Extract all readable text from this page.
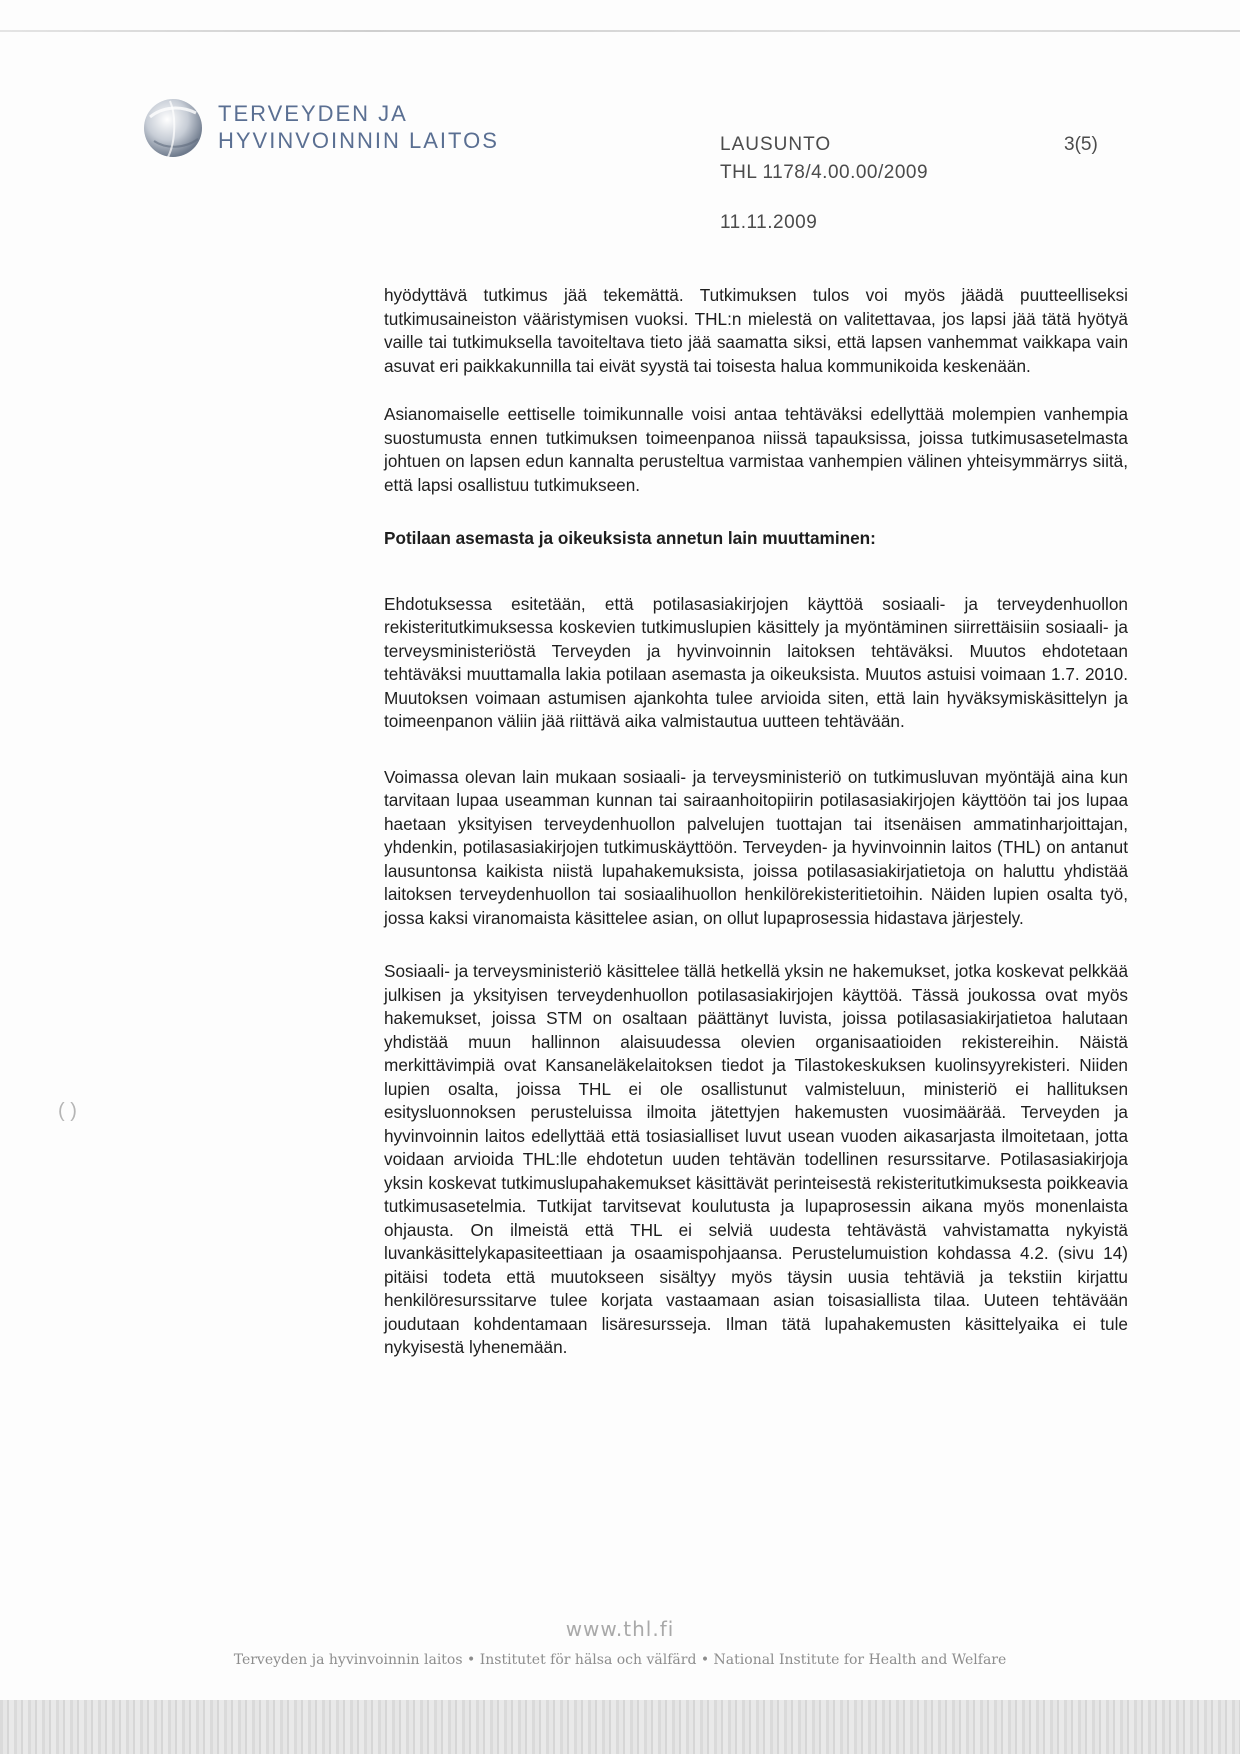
TERVEYDEN JA
HYVINVOINNIN LAITOS	LAUSUNTO	3(5)
THL 1178/4.00.00/2009
11.11.2009

hyödyttävä tutkimus jää tekemättä. Tutkimuksen tulos voi myös jäädä puutteelliseksi tutkimusaineiston vääristymisen vuoksi. THL:n mielestä on valitettavaa, jos lapsi jää tätä hyötyä vaille tai tutkimuksella tavoiteltava tieto jää saamatta siksi, että lapsen vanhemmat vaikkapa vain asuvat eri paikkakunnilla tai eivät syystä tai toisesta halua kommunikoida keskenään.

Asianomaiselle eettiselle toimikunnalle voisi antaa tehtäväksi edellyttää molempien vanhempia suostumusta ennen tutkimuksen toimeenpanoa niissä tapauksissa, joissa tutkimusasetelmasta johtuen on lapsen edun kannalta perusteltua varmistaa vanhempien välinen yhteisymmärrys siitä, että lapsi osallistuu tutkimukseen.

Potilaan asemasta ja oikeuksista annetun lain muuttaminen:

Ehdotuksessa esitetään, että potilasasiakirjojen käyttöä sosiaali- ja terveydenhuollon rekisteritutkimuksessa koskevien tutkimuslupien käsittely ja myöntäminen siirrettäisiin sosiaali- ja terveysministeriöstä Terveyden ja hyvinvoinnin laitoksen tehtäväksi. Muutos ehdotetaan tehtäväksi muuttamalla lakia potilaan asemasta ja oikeuksista. Muutos astuisi voimaan 1.7. 2010. Muutoksen voimaan astumisen ajankohta tulee arvioida siten, että lain hyväksymiskäsittelyn ja toimeenpanon väliin jää riittävä aika valmistautua uutteen tehtävään.

Voimassa olevan lain mukaan sosiaali- ja terveysministeriö on tutkimusluvan myöntäjä aina kun tarvitaan lupaa useamman kunnan tai sairaanhoitopiirin potilasasiakirjojen käyttöön tai jos lupaa haetaan yksityisen terveydenhuollon palvelujen tuottajan tai itsenäisen ammatinharjoittajan, yhdenkin, potilasasiakirjojen tutkimuskäyttöön. Terveyden- ja hyvinvoinnin laitos (THL) on antanut lausuntonsa kaikista niistä lupahakemuksista, joissa potilasasiakirjatietoja on haluttu yhdistää laitoksen terveydenhuollon tai sosiaalihuollon henkilörekisteritietoihin. Näiden lupien osalta työ, jossa kaksi viranomaista käsittelee asian, on ollut lupaprosessia hidastava järjestely.

Sosiaali- ja terveysministeriö käsittelee tällä hetkellä yksin ne hakemukset, jotka koskevat pelkkää julkisen ja yksityisen terveydenhuollon potilasasiakirjojen käyttöä. Tässä joukossa ovat myös hakemukset, joissa STM on osaltaan päättänyt luvista, joissa potilasasiakirjatietoa halutaan yhdistää muun hallinnon alaisuudessa olevien organisaatioiden rekistereihin. Näistä merkittävimpiä ovat Kansaneläkelaitoksen tiedot ja Tilastokeskuksen kuolinsyyrekisteri. Niiden lupien osalta, joissa THL ei ole osallistunut valmisteluun, ministeriö ei hallituksen esitysluonnoksen perusteluissa ilmoita jätettyjen hakemusten vuosimäärää. Terveyden ja hyvinvoinnin laitos edellyttää että tosiasialliset luvut usean vuoden aikasarjasta ilmoitetaan, jotta voidaan arvioida THL:lle ehdotetun uuden tehtävän todellinen resurssitarve. Potilasasiakirjoja yksin koskevat tutkimuslupahakemukset käsittävät perinteisestä rekisteritutkimuksesta poikkeavia tutkimusasetelmia. Tutkijat tarvitsevat koulutusta ja lupaprosessin aikana myös monenlaista ohjausta. On ilmeistä että THL ei selviä uudesta tehtävästä vahvistamatta nykyistä luvankäsittelykapasiteettiaan ja osaamispohjaansa. Perustelumuistion kohdassa 4.2. (sivu 14) pitäisi todeta että muutokseen sisältyy myös täysin uusia tehtäviä ja tekstiin kirjattu henkilöresurssitarve tulee korjata vastaamaan asian toisasiallista tilaa. Uuteen tehtävään joudutaan kohdentamaan lisäresursseja. Ilman tätä lupahakemusten käsittelyaika ei tule nykyisestä lyhenemään.

( )
www.thl.fi
Terveyden ja hyvinvoinnin laitos • Institutet för hälsa och välfärd • National Institute for Health and Welfare
